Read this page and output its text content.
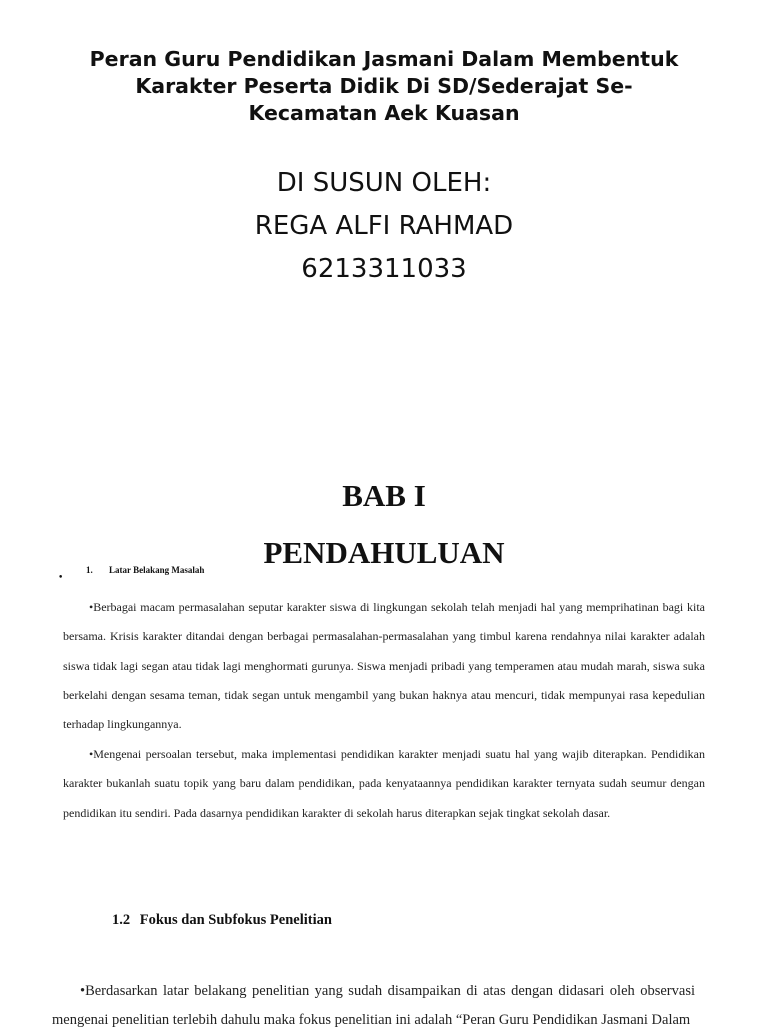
Peran Guru Pendidikan Jasmani Dalam Membentuk
Karakter Peserta Didik Di SD/Sederajat Se-
Kecamatan Aek Kuasan
DI SUSUN OLEH:
REGA ALFI RAHMAD
6213311033
BAB I
PENDAHULUAN
•
1. Latar Belakang Masalah

•Berbagai macam permasalahan seputar karakter siswa di lingkungan sekolah telah menjadi hal yang memprihatinan bagi kita bersama. Krisis karakter ditandai dengan berbagai permasalahan-permasalahan yang timbul karena rendahnya nilai karakter adalah siswa tidak lagi segan atau tidak lagi menghormati gurunya. Siswa menjadi pribadi yang temperamen atau mudah marah, siswa suka berkelahi dengan sesama teman, tidak segan untuk mengambil yang bukan haknya atau mencuri, tidak mempunyai rasa kepedulian terhadap lingkungannya.

•Mengenai persoalan tersebut, maka implementasi pendidikan karakter menjadi suatu hal yang wajib diterapkan. Pendidikan karakter bukanlah suatu topik yang baru dalam pendidikan, pada kenyataannya pendidikan karakter ternyata sudah seumur dengan pendidikan itu sendiri. Pada dasarnya pendidikan karakter di sekolah harus diterapkan sejak tingkat sekolah dasar.

1.2 Fokus dan Subfokus Penelitian

•Berdasarkan latar belakang penelitian yang sudah disampaikan di atas dengan didasari oleh observasi mengenai penelitian terlebih dahulu maka fokus penelitian ini adalah “Peran Guru Pendidikan Jasmani Dalam
